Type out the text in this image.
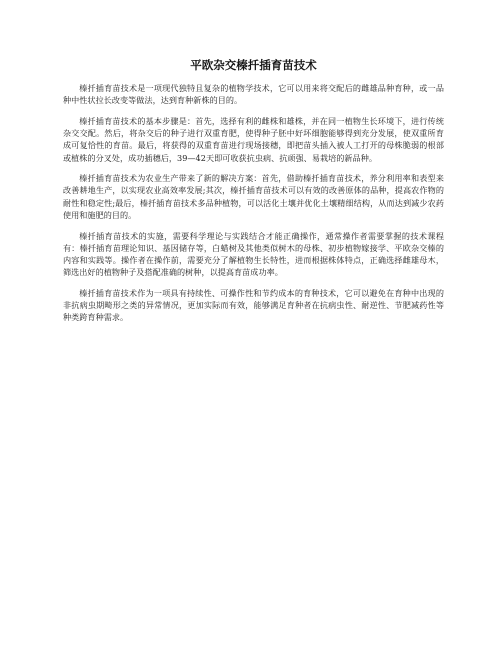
平欧杂交榛扦插育苗技术

榛扦插育苗技术是一项现代独特且复杂的植物学技术，它可以用来将交配后的雌雄品种育种，或一品种中性状拉长改变等做法，达到育种新株的目的。

榛扦插育苗技术的基本步骤是：首先，选择有利的雌株和雄株，并在同一植物生长环境下，进行传统杂交交配。然后，将杂交后的种子进行双重育肥，使得种子胚中好坏细胞能够得到充分发展，使双重所育成可复恰性的育苗。最后，将获得的双重育苗进行现场接穗，即把苗头插入被人工打开的母株脆弱的根部或植株的分叉处，成功插穗后，39—42天即可收获抗虫病、抗顽强、易栽培的新品种。

榛扦插育苗技术为农业生产带来了新的解决方案：首先，借助榛扦插育苗技术，养分利用率和表型来改善耕地生产，以实现农业高效率发展;其次，榛扦插育苗技术可以有效的改善原体的品种，提高农作物的耐性和稳定性;最后，榛扦插育苗技术多品种植物，可以活化土壤并优化土壤精细结构，从而达到减少农药使用和施肥的目的。

榛扦插育苗技术的实施，需要科学理论与实践结合才能正确操作，通常操作者需要掌握的技术课程有：榛扦插育苗理论知识、基因储存等，白蜡树及其他类似树木的母株、初步植物嫁接学、平欧杂交榛的内容和实践等。操作者在操作前，需要充分了解植物生长特性，进而根据株体特点，正确选择雌雄母木，筛选出好的植物种子及搭配准确的树种，以提高育苗成功率。

榛扦插育苗技术作为一项具有持续性、可操作性和节约成本的育种技术，它可以避免在育种中出现的非抗病虫期畸形之类的异常情况，更加实际而有效，能够满足育种者在抗病虫性、耐逆性、节肥减药性等种类跨育种需求。
